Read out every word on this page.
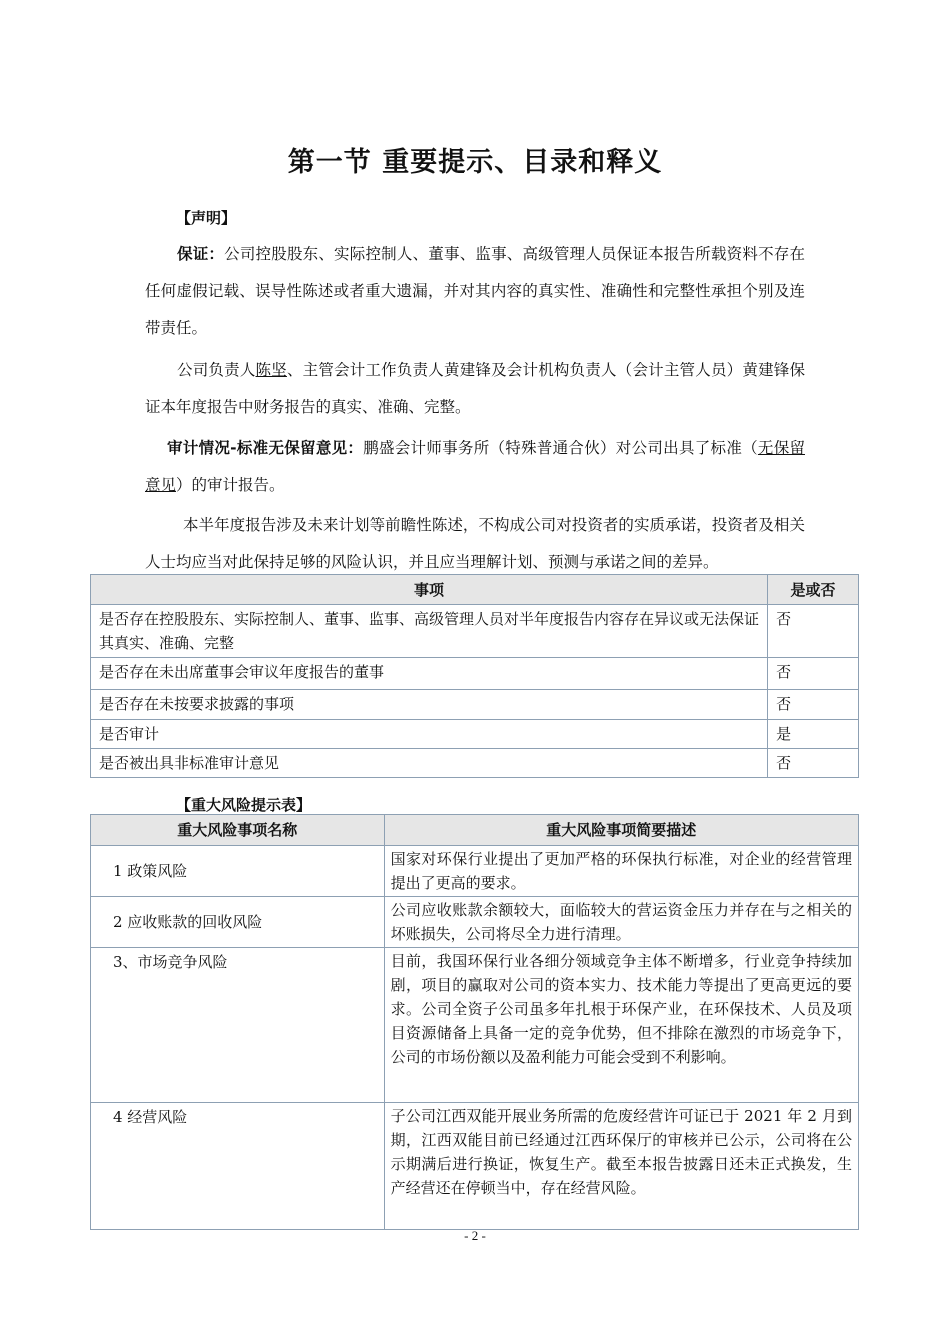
第一节 重要提示、目录和释义
【声明】

保证：公司控股股东、实际控制人、董事、监事、高级管理人员保证本报告所载资料不存在任何虚假记载、误导性陈述或者重大遗漏，并对其内容的真实性、准确性和完整性承担个别及连带责任。

公司负责人陈坚、主管会计工作负责人黄建锋及会计机构负责人（会计主管人员）黄建锋保证本年度报告中财务报告的真实、准确、完整。

审计情况-标准无保留意见：鹏盛会计师事务所（特殊普通合伙）对公司出具了标准（无保留意见）的审计报告。

本半年度报告涉及未来计划等前瞻性陈述，不构成公司对投资者的实质承诺，投资者及相关人士均应当对此保持足够的风险认识，并且应当理解计划、预测与承诺之间的差异。

事项	是或否
是否存在控股股东、实际控制人、董事、监事、高级管理人员对半年度报告内容存在异议或无法保证其真实、准确、完整	否
是否存在未出席董事会审议年度报告的董事	否
是否存在未按要求披露的事项	否
是否审计	是
是否被出具非标准审计意见	否
【重大风险提示表】
重大风险事项名称	重大风险事项简要描述
1 政策风险	国家对环保行业提出了更加严格的环保执行标准，对企业的经营管理提出了更高的要求。
2 应收账款的回收风险	公司应收账款余额较大，面临较大的营运资金压力并存在与之相关的坏账损失，公司将尽全力进行清理。
3、市场竞争风险	目前，我国环保行业各细分领域竞争主体不断增多，行业竞争持续加剧，项目的赢取对公司的资本实力、技术能力等提出了更高更远的要求。公司全资子公司虽多年扎根于环保产业，在环保技术、人员及项目资源储备上具备一定的竞争优势，但不排除在激烈的市场竞争下，公司的市场份额以及盈利能力可能会受到不利影响。
4 经营风险	子公司江西双能开展业务所需的危废经营许可证已于 2021 年 2 月到期，江西双能目前已经通过江西环保厅的审核并已公示，公司将在公示期满后进行换证，恢复生产。截至本报告披露日还未正式换发，生产经营还在停顿当中，存在经营风险。
- 2 -
